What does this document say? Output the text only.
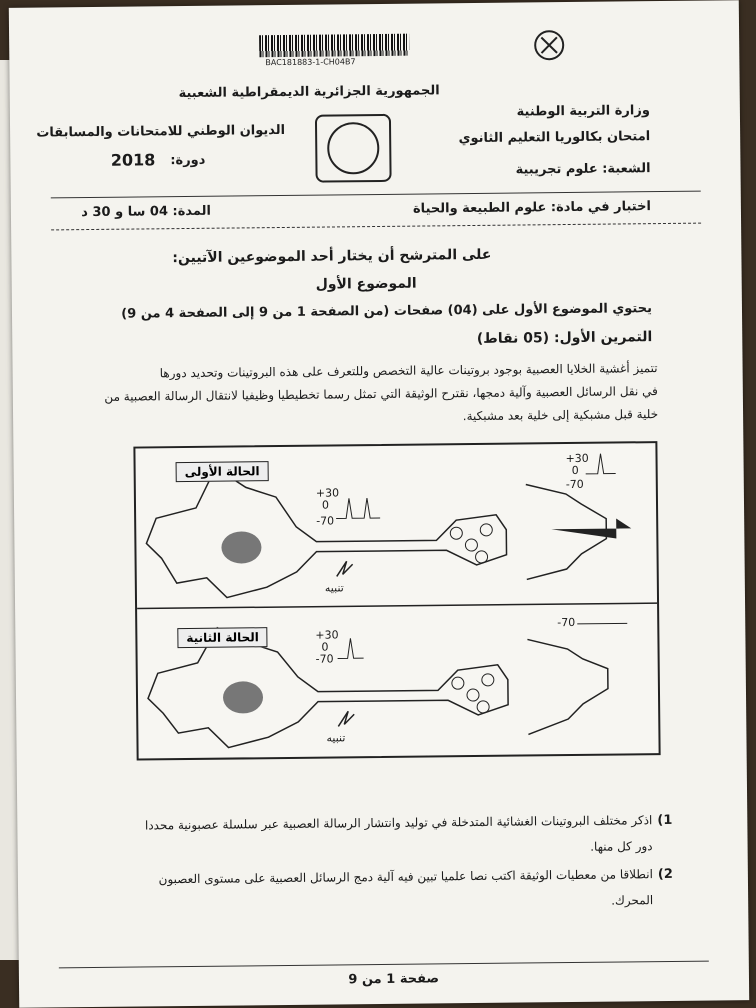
BAC181883-1-CH04B7
الجمهورية الجزائرية الديمقراطية الشعبية
وزارة التربية الوطنية
الديوان الوطني للامتحانات والمسابقات	امتحان بكالوريا التعليم الثانوي
دورة:
2018	الشعبة: علوم تجريبية
اختبار في مادة: علوم الطبيعة والحياة
المدة: 04 سا و 30 د
على المترشح أن يختار أحد الموضوعين الآتيين:
الموضوع الأول
يحتوي الموضوع الأول على (04) صفحات (من الصفحة 1 من 9 إلى الصفحة 4 من 9)
التمرين الأول: (05 نقاط)
تتميز أغشية الخلايا العصبية بوجود بروتينات عالية التخصص وللتعرف على هذه البروتينات وتحديد دورها
في نقل الرسائل العصبية وآلية دمجها، نقترح الوثيقة التي تمثل رسما تخطيطيا وظيفيا لانتقال الرسالة العصبية من
خلية قبل مشبكية إلى خلية بعد مشبكية.
الحالة الأولى
الحالة الثانية
+30
0
-70
تنبيه
+30
0
-70
+30
0
-70
تنبيه
-70
1)
اذكر مختلف البروتينات الغشائية المتدخلة في توليد وانتشار الرسالة العصبية عبر سلسلة عصبونية محددا
دور كل منها.
2)
انطلاقا من معطيات الوثيقة اكتب نصا علميا تبين فيه آلية دمج الرسائل العصبية على مستوى العصبون
المحرك.
صفحة 1 من 9
